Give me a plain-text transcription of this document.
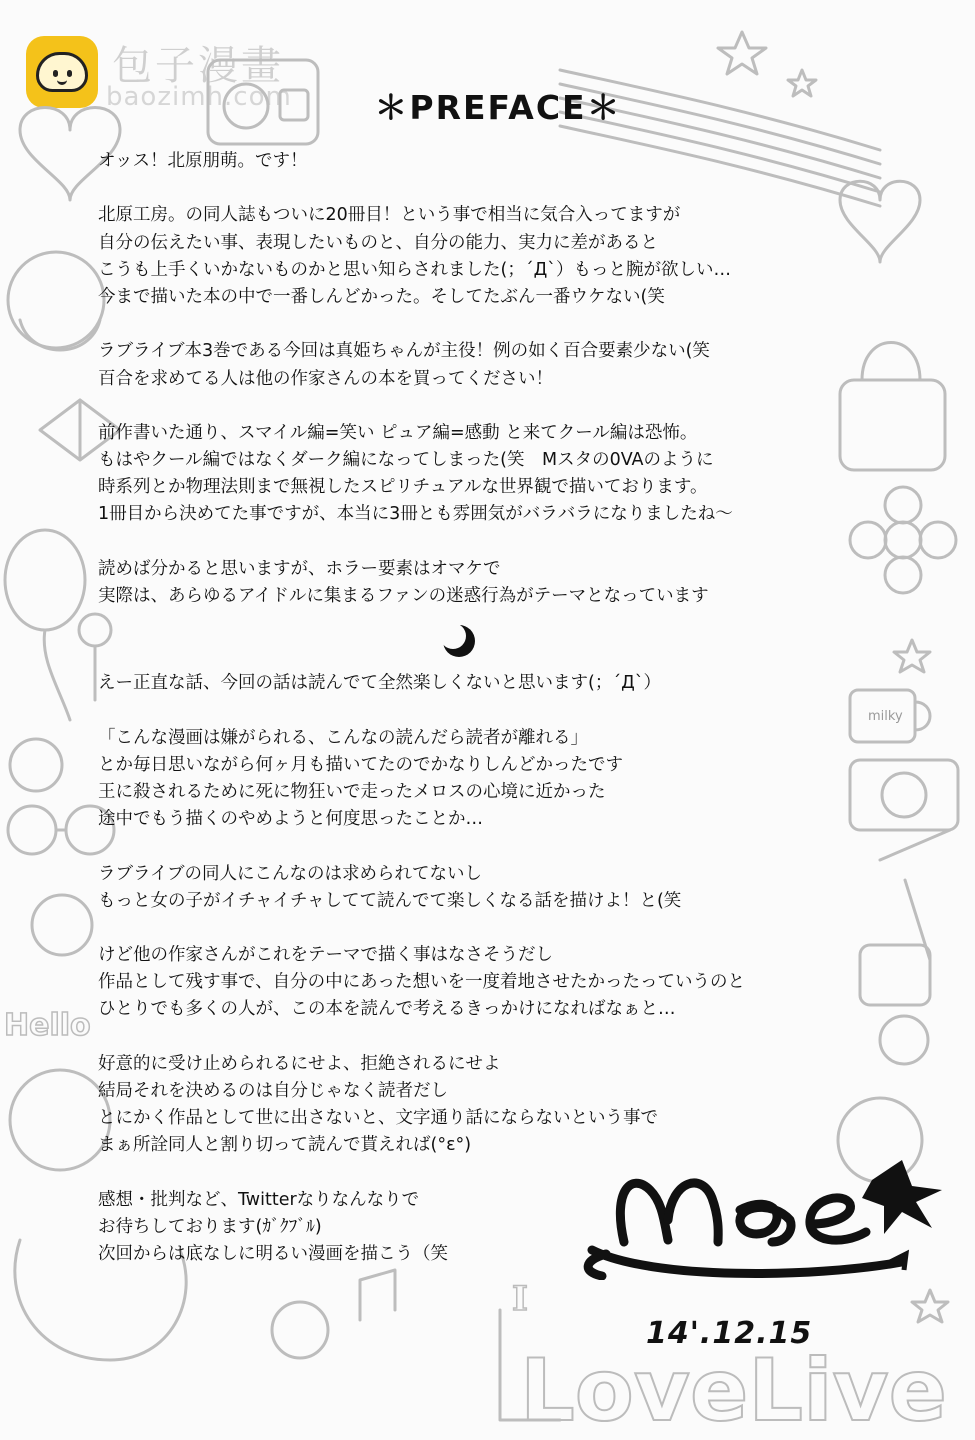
包子漫畫
baozimh.com
Hello
LoveLive
milky
I
＊PREFACE＊
オッス！北原朋萌。です！
北原工房。の同人誌もついに20冊目！という事で相当に気合入ってますが
自分の伝えたい事、表現したいものと、自分の能力、実力に差があると
こうも上手くいかないものかと思い知らされました(；´Д`）もっと腕が欲しい…
今まで描いた本の中で一番しんどかった。そしてたぶん一番ウケない(笑
ラブライブ本3巻である今回は真姫ちゃんが主役！例の如く百合要素少ない(笑
百合を求めてる人は他の作家さんの本を買ってください！
前作書いた通り、スマイル編=笑い ピュア編=感動 と来てクール編は恐怖。
もはやクール編ではなくダーク編になってしまった(笑　Mスタの0VAのように
時系列とか物理法則まで無視したスピリチュアルな世界観で描いております。
1冊目から決めてた事ですが、本当に3冊とも雰囲気がバラバラになりましたね～
読めば分かると思いますが、ホラー要素はオマケで
実際は、あらゆるアイドルに集まるファンの迷惑行為がテーマとなっています
えー正直な話、今回の話は読んでて全然楽しくないと思います(；´Д`）
「こんな漫画は嫌がられる、こんなの読んだら読者が離れる」
とか毎日思いながら何ヶ月も描いてたのでかなりしんどかったです
王に殺されるために死に物狂いで走ったメロスの心境に近かった
途中でもう描くのやめようと何度思ったことか…
ラブライブの同人にこんなのは求められてないし
もっと女の子がイチャイチャしてて読んでて楽しくなる話を描けよ！と(笑
けど他の作家さんがこれをテーマで描く事はなさそうだし
作品として残す事で、自分の中にあった想いを一度着地させたかったっていうのと
ひとりでも多くの人が、この本を読んで考えるきっかけになればなぁと…
好意的に受け止められるにせよ、拒絶されるにせよ
結局それを決めるのは自分じゃなく読者だし
とにかく作品として世に出さないと、文字通り話にならないという事で
まぁ所詮同人と割り切って読んで貰えれば(°ε°)
感想・批判など、Twitterなりなんなりで
お待ちしております(ｶﾞｸﾌﾞﾙ)
次回からは底なしに明るい漫画を描こう（笑
14'.12.15
